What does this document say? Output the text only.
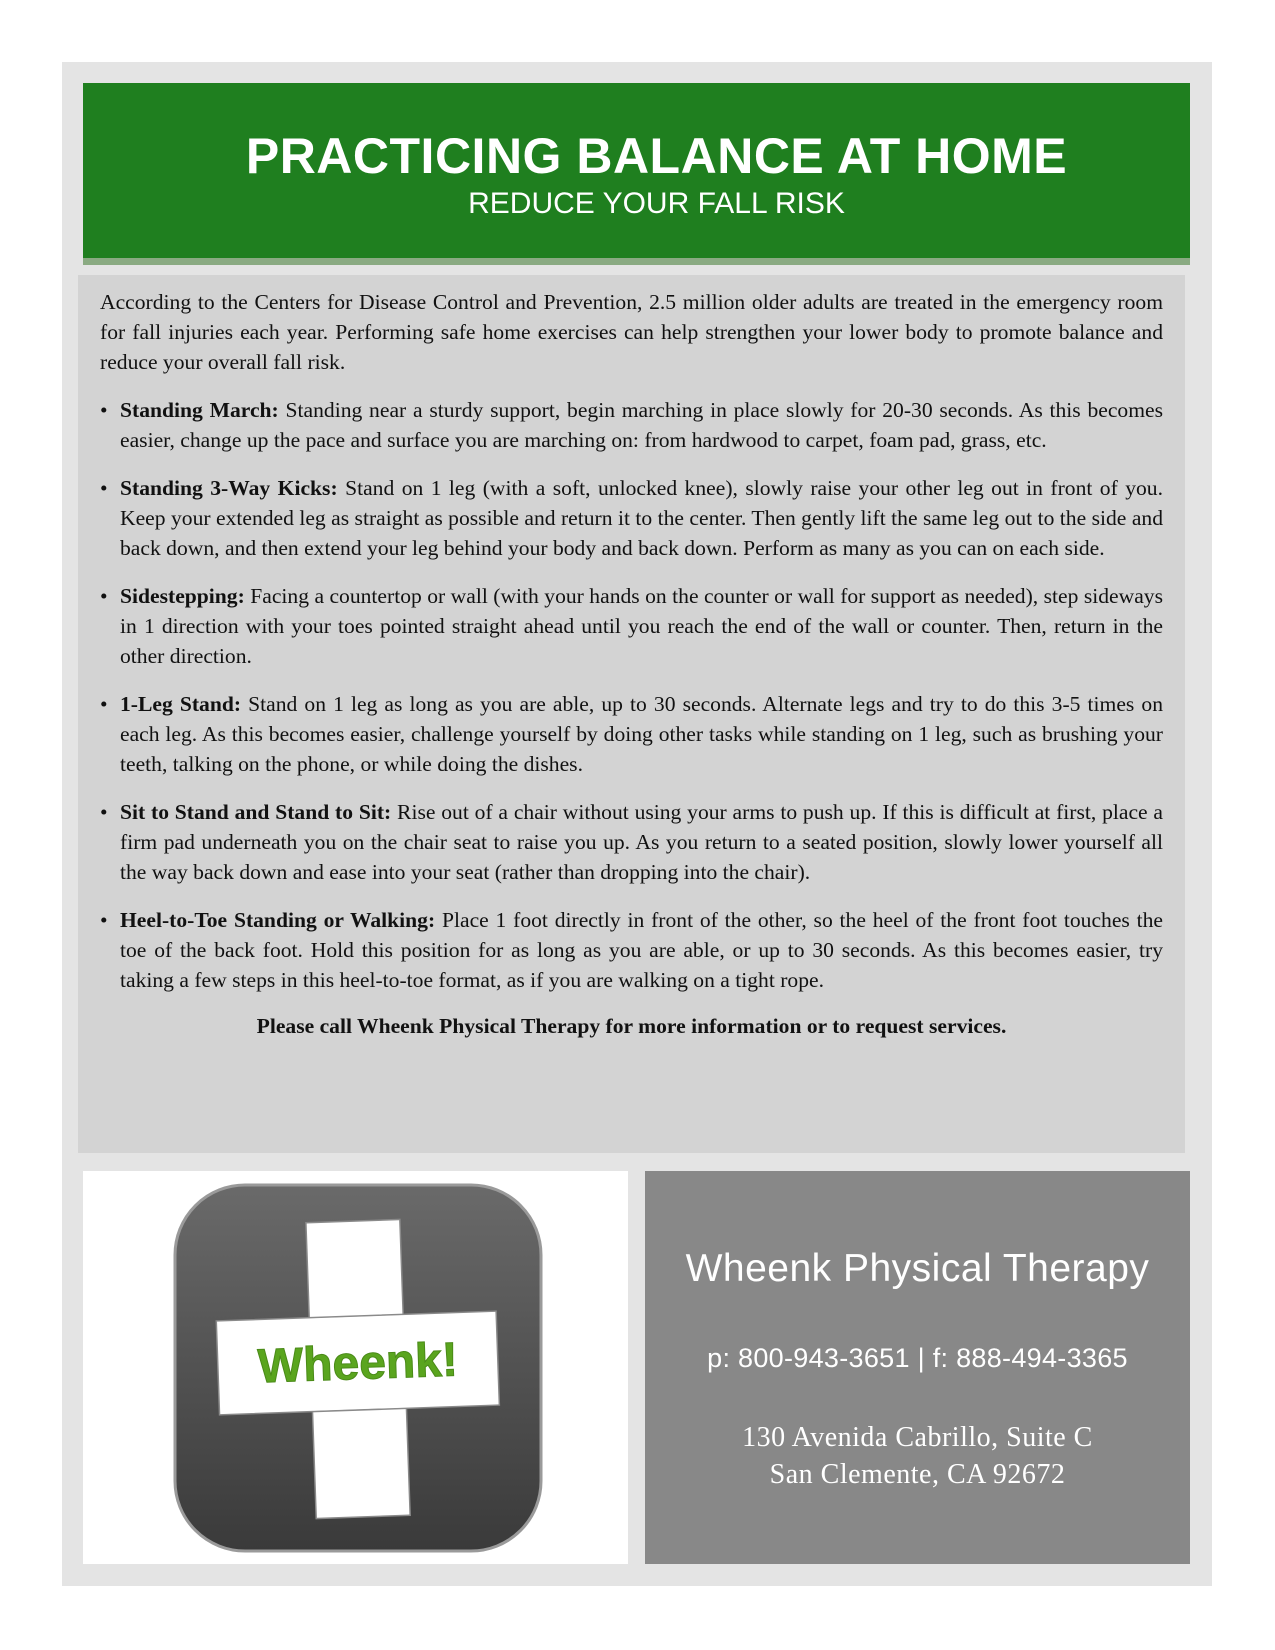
PRACTICING BALANCE AT HOME
REDUCE YOUR FALL RISK

According to the Centers for Disease Control and Prevention, 2.5 million older adults are treated in the emergency room for fall injuries each year. Performing safe home exercises can help strengthen your lower body to promote balance and reduce your overall fall risk.

• Standing March: Standing near a sturdy support, begin marching in place slowly for 20-30 seconds. As this becomes easier, change up the pace and surface you are marching on: from hardwood to carpet, foam pad, grass, etc.
• Standing 3-Way Kicks: Stand on 1 leg (with a soft, unlocked knee), slowly raise your other leg out in front of you. Keep your extended leg as straight as possible and return it to the center. Then gently lift the same leg out to the side and back down, and then extend your leg behind your body and back down. Perform as many as you can on each side.
• Sidestepping: Facing a countertop or wall (with your hands on the counter or wall for support as needed), step sideways in 1 direction with your toes pointed straight ahead until you reach the end of the wall or counter. Then, return in the other direction.
• 1-Leg Stand: Stand on 1 leg as long as you are able, up to 30 seconds. Alternate legs and try to do this 3-5 times on each leg. As this becomes easier, challenge yourself by doing other tasks while standing on 1 leg, such as brushing your teeth, talking on the phone, or while doing the dishes.
• Sit to Stand and Stand to Sit: Rise out of a chair without using your arms to push up. If this is difficult at first, place a firm pad underneath you on the chair seat to raise you up. As you return to a seated position, slowly lower yourself all the way back down and ease into your seat (rather than dropping into the chair).
• Heel-to-Toe Standing or Walking: Place 1 foot directly in front of the other, so the heel of the front foot touches the toe of the back foot. Hold this position for as long as you are able, or up to 30 seconds. As this becomes easier, try taking a few steps in this heel-to-toe format, as if you are walking on a tight rope.

Please call Wheenk Physical Therapy for more information or to request services.

Wheenk!
Wheenk Physical Therapy
p: 800-943-3651 | f: 888-494-3365
130 Avenida Cabrillo, Suite C
San Clemente, CA 92672
